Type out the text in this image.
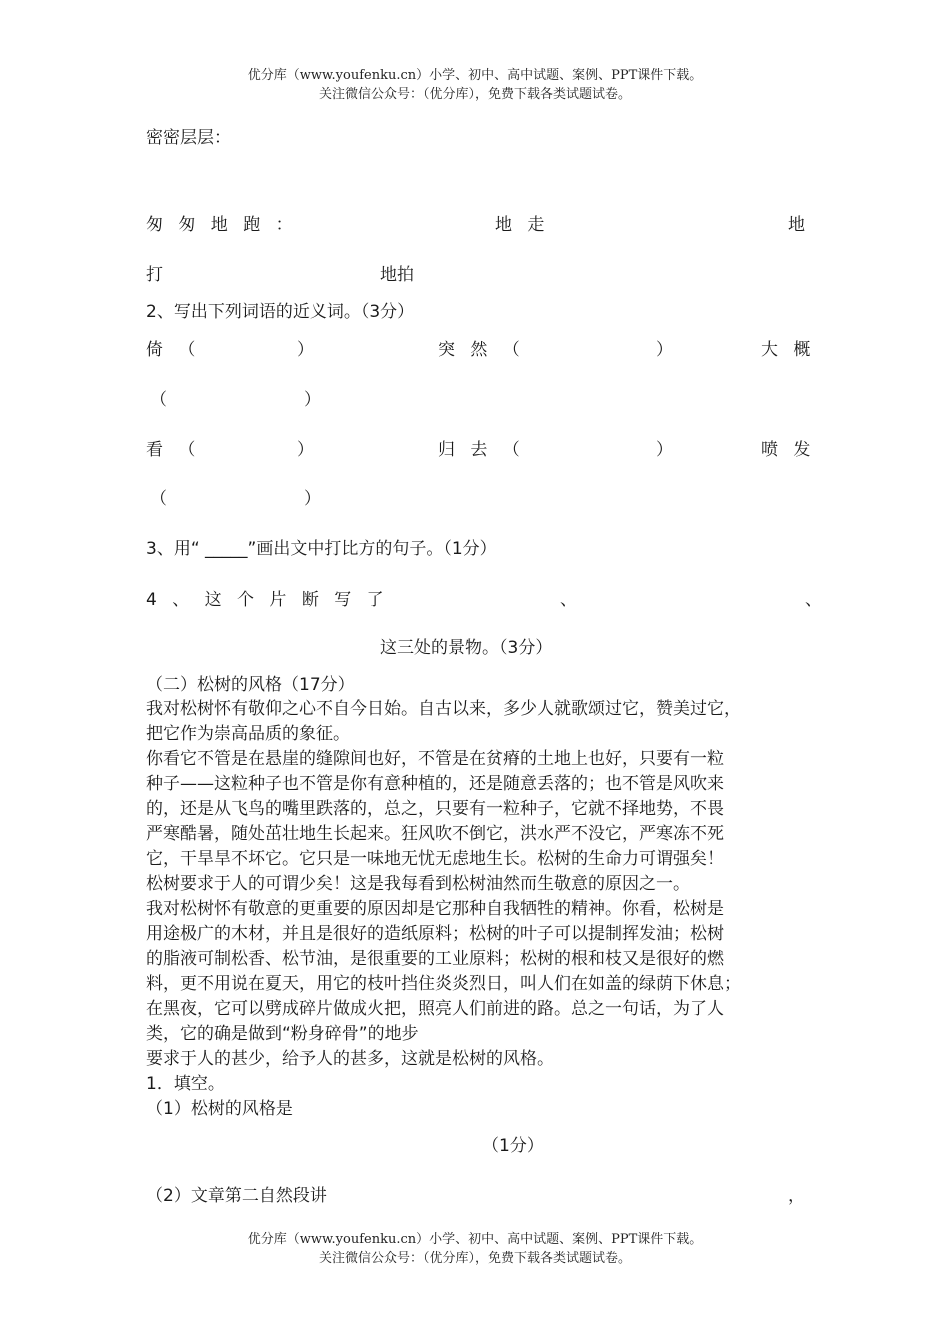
优分库（www.youfenku.cn）小学、初中、高中试题、案例、PPT课件下载。
关注微信公众号：（优分库），免费下载各类试题试卷。
密密层层：
匆 匆 地 跑 ：	地 走	地
打	地拍
2、写出下列词语的近义词。（3分）
倚 （	）	突 然 （	）	大 概
（	）
看 （	）	归 去 （	）	喷 发
（	）
3、用“ _____”画出文中打比方的句子。（1分）
4 、 这 个 片 断 写 了	、	、
这三处的景物。（3分）
（二）松树的风格（17分）
我对松树怀有敬仰之心不自今日始。自古以来，多少人就歌颂过它，赞美过它，
把它作为崇高品质的象征。
你看它不管是在悬崖的缝隙间也好，不管是在贫瘠的土地上也好，只要有一粒
种子——这粒种子也不管是你有意种植的，还是随意丢落的；也不管是风吹来
的，还是从飞鸟的嘴里跌落的，总之，只要有一粒种子，它就不择地势，不畏
严寒酷暑，随处茁壮地生长起来。狂风吹不倒它，洪水严不没它，严寒冻不死
它，干旱旱不坏它。它只是一味地无忧无虑地生长。松树的生命力可谓强矣！
松树要求于人的可谓少矣！这是我每看到松树油然而生敬意的原因之一。
我对松树怀有敬意的更重要的原因却是它那种自我牺牲的精神。你看，松树是
用途极广的木材，并且是很好的造纸原料；松树的叶子可以提制挥发油；松树
的脂液可制松香、松节油，是很重要的工业原料；松树的根和枝又是很好的燃
料，更不用说在夏天，用它的枝叶挡住炎炎烈日，叫人们在如盖的绿荫下休息；
在黑夜，它可以劈成碎片做成火把，照亮人们前进的路。总之一句话，为了人
类，它的确是做到“粉身碎骨”的地步
要求于人的甚少，给予人的甚多，这就是松树的风格。
1．填空。
（1）松树的风格是
（1分）
（2）文章第二自然段讲	，
优分库（www.youfenku.cn）小学、初中、高中试题、案例、PPT课件下载。
关注微信公众号：（优分库），免费下载各类试题试卷。
